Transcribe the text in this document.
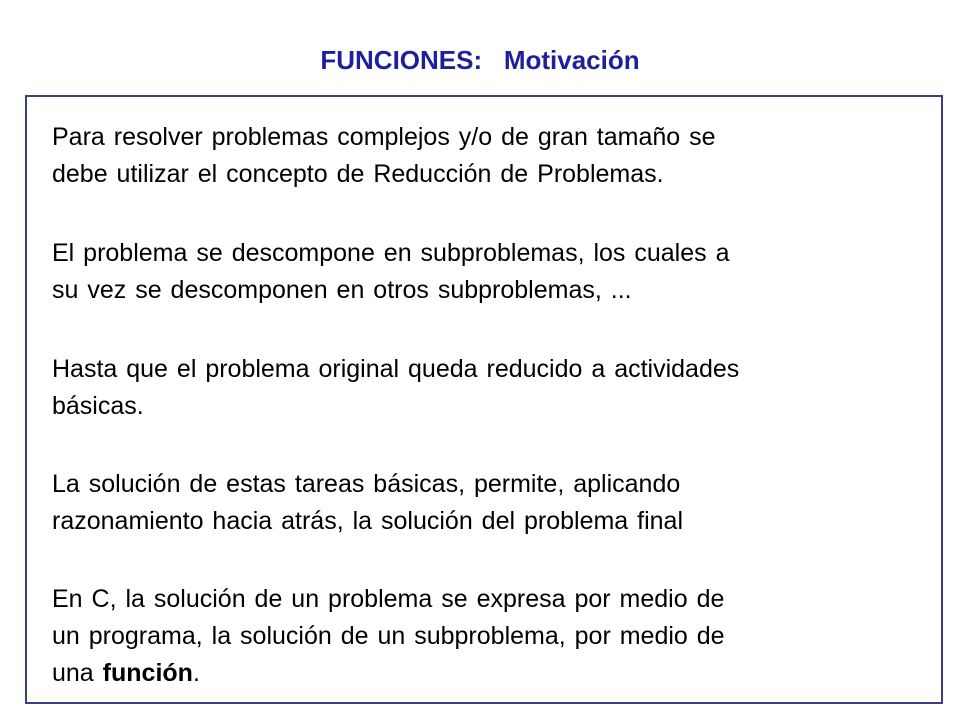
FUNCIONES:   Motivación
Para resolver problemas complejos y/o de gran tamaño se
debe utilizar el concepto de Reducción de Problemas.
El problema se descompone en subproblemas, los cuales a
su vez se descomponen en otros subproblemas, ...
Hasta que el problema original queda reducido a actividades
básicas.
La solución de estas tareas básicas, permite, aplicando
razonamiento hacia atrás, la solución del problema final
En C, la solución de un problema se expresa por medio de
un programa, la solución de un subproblema, por medio de
una función.
